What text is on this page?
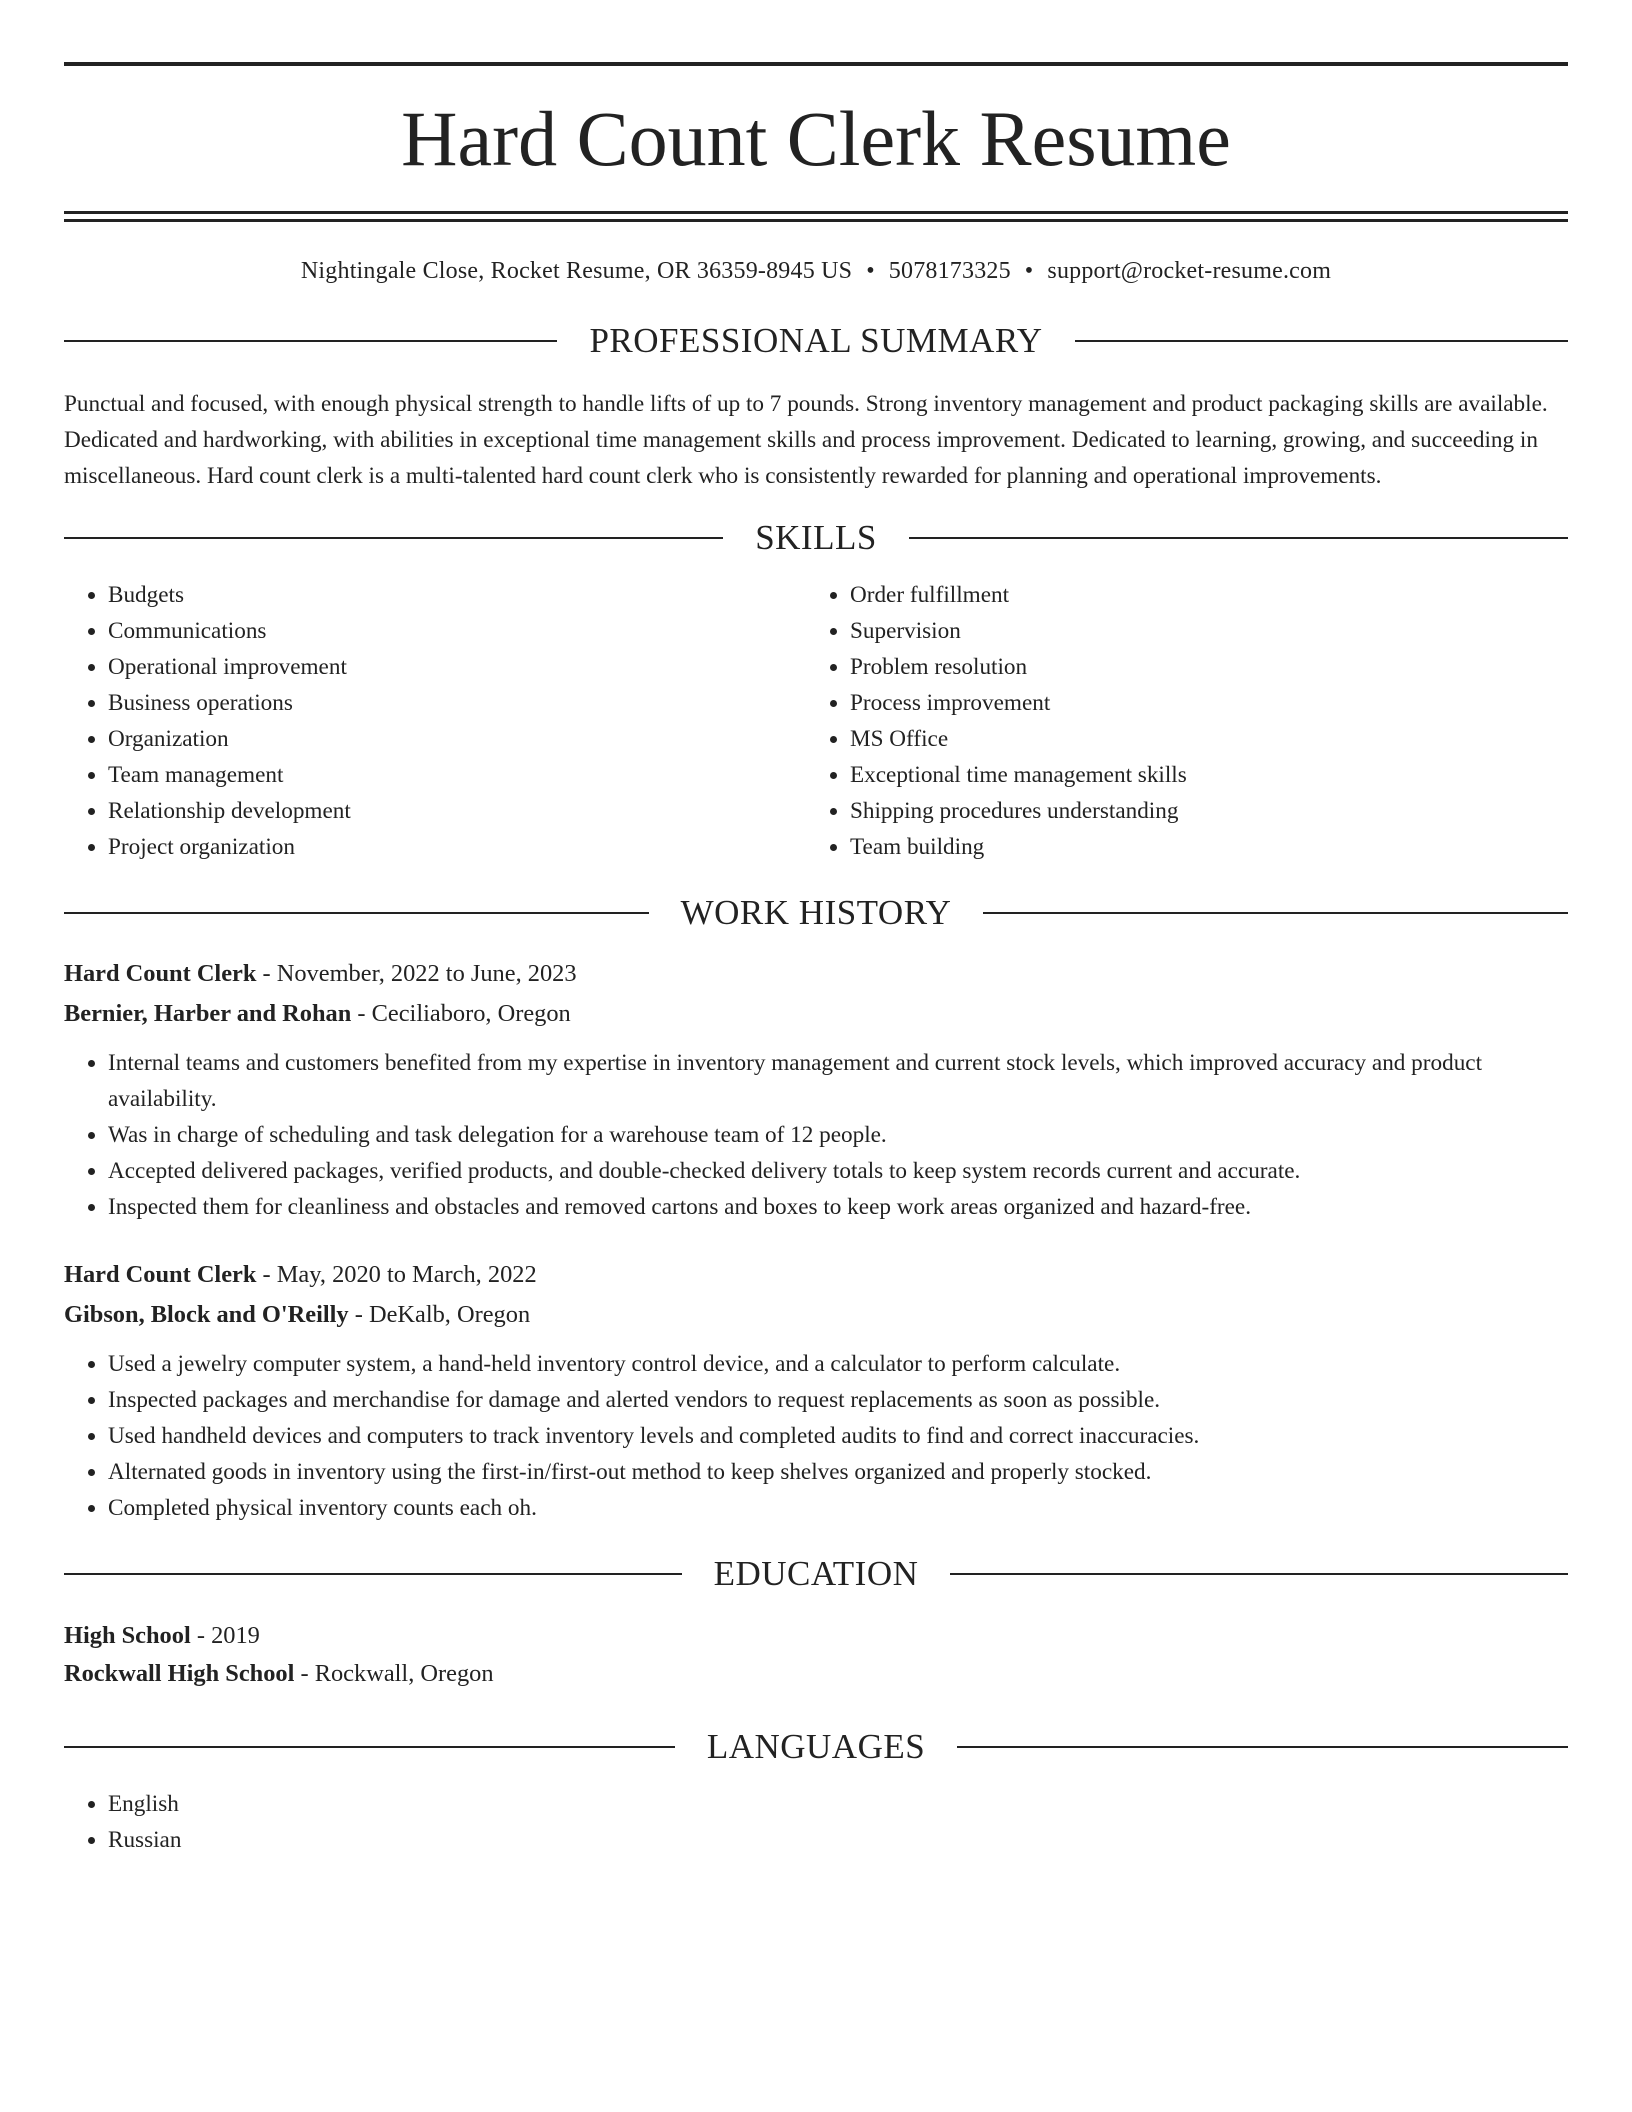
Hard Count Clerk Resume
Nightingale Close, Rocket Resume, OR 36359-8945 US • 5078173325 • support@rocket-resume.com
PROFESSIONAL SUMMARY
Punctual and focused, with enough physical strength to handle lifts of up to 7 pounds. Strong inventory management and product packaging skills are available. Dedicated and hardworking, with abilities in exceptional time management skills and process improvement. Dedicated to learning, growing, and succeeding in miscellaneous. Hard count clerk is a multi-talented hard count clerk who is consistently rewarded for planning and operational improvements.
SKILLS
• Budgets
• Communications
• Operational improvement
• Business operations
• Organization
• Team management
• Relationship development
• Project organization
• Order fulfillment
• Supervision
• Problem resolution
• Process improvement
• MS Office
• Exceptional time management skills
• Shipping procedures understanding
• Team building
WORK HISTORY
Hard Count Clerk - November, 2022 to June, 2023
Bernier, Harber and Rohan - Ceciliaboro, Oregon
• Internal teams and customers benefited from my expertise in inventory management and current stock levels, which improved accuracy and product availability.
• Was in charge of scheduling and task delegation for a warehouse team of 12 people.
• Accepted delivered packages, verified products, and double-checked delivery totals to keep system records current and accurate.
• Inspected them for cleanliness and obstacles and removed cartons and boxes to keep work areas organized and hazard-free.
Hard Count Clerk - May, 2020 to March, 2022
Gibson, Block and O'Reilly - DeKalb, Oregon
• Used a jewelry computer system, a hand-held inventory control device, and a calculator to perform calculate.
• Inspected packages and merchandise for damage and alerted vendors to request replacements as soon as possible.
• Used handheld devices and computers to track inventory levels and completed audits to find and correct inaccuracies.
• Alternated goods in inventory using the first-in/first-out method to keep shelves organized and properly stocked.
• Completed physical inventory counts each oh.
EDUCATION
High School - 2019
Rockwall High School - Rockwall, Oregon
LANGUAGES
• English
• Russian
